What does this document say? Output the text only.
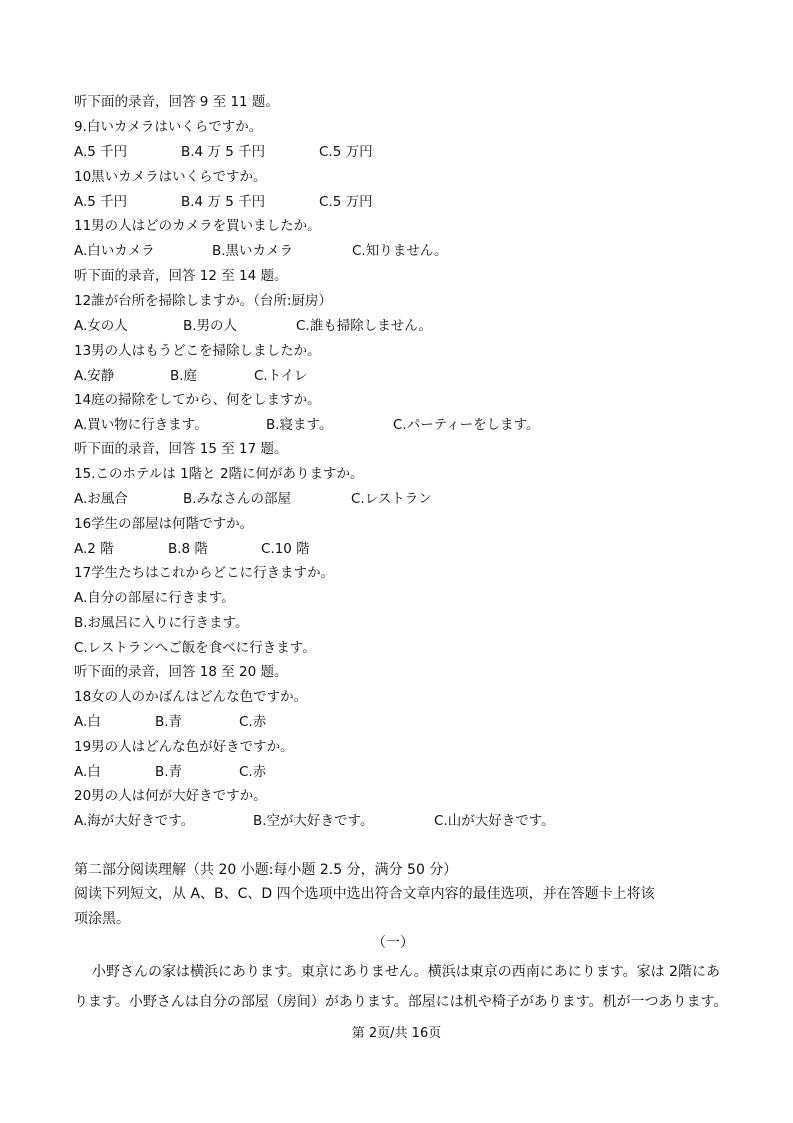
听下面的录音，回答 9 至 11 题。
9.白いカメラはいくらですか。
A.5 千円	B.4 万 5 千円	C.5 万円
10黒いカメラはいくらですか。
A.5 千円	B.4 万 5 千円	C.5 万円
11男の人はどのカメラを買いましたか。
A.白いカメラ	B.黒いカメラ	C.知りません。
听下面的录音，回答 12 至 14 题。
12誰が台所を掃除しますか。（台所:厨房）
A.女の人	B.男の人	C.誰も掃除しません。
13男の人はもうどこを掃除しましたか。
A.安静	B.庭	C.トイレ
14庭の掃除をしてから、何をしますか。
A.買い物に行きます。	B.寝ます。	C.パーティーをします。
听下面的录音，回答 15 至 17 题。
15.このホテルは 1階と 2階に何がありますか。
A.お風合	B.みなさんの部屋	C.レストラン
16学生の部屋は何階ですか。
A.2 階	B.8 階	C.10 階
17学生たちはこれからどこに行きますか。
A.自分の部屋に行きます。
B.お風呂に入りに行きます。
C.レストランへご飯を食べに行きます。
听下面的录音，回答 18 至 20 题。
18女の人のかばんはどんな色ですか。
A.白	B.青	C.赤
19男の人はどんな色が好きですか。
A.白	B.青	C.赤
20男の人は何が大好きですか。
A.海が大好きです。	B.空が大好きです。	C.山が大好きです。
第二部分阅读理解（共 20 小题:每小题 2.5 分，满分 50 分）
阅读下列短文，从 A、B、C、D 四个选项中选出符合文章内容的最佳选项，并在答题卡上将该
项涂黑。
（一）
小野さんの家は横浜にあります。東京にありません。横浜は東京の西南にあにります。家は 2階にあ
ります。小野さんは自分の部屋（房间）があります。部屋には机や椅子があります。机が一つあります。
第 2页/共 16页
